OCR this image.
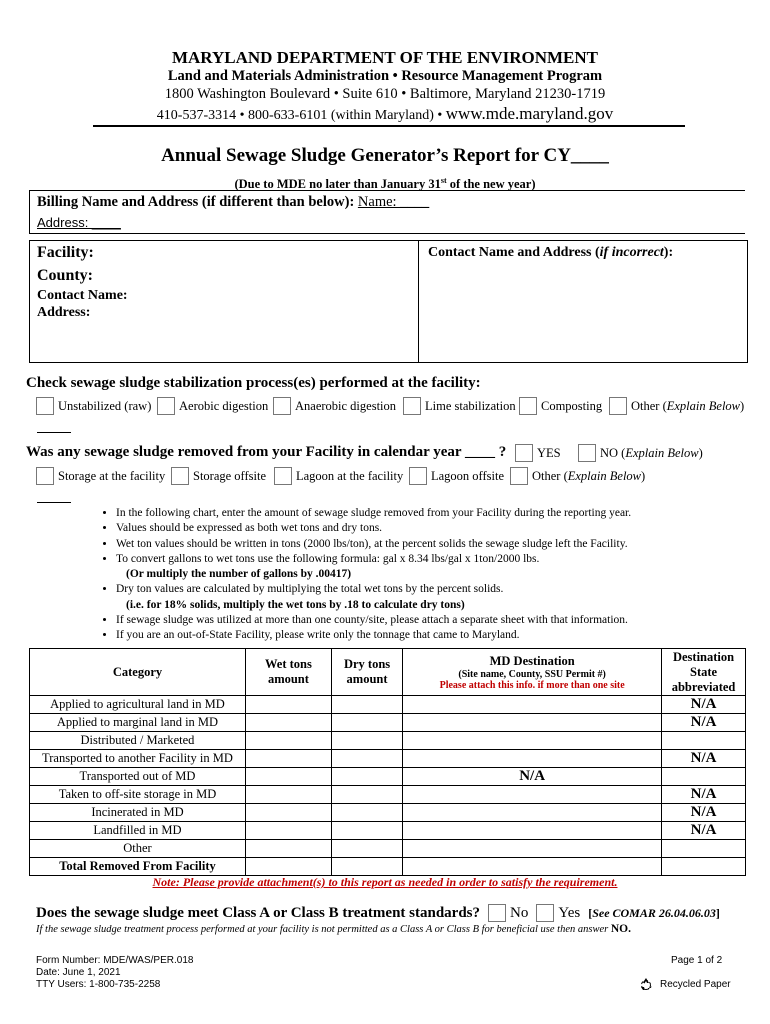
MARYLAND DEPARTMENT OF THE ENVIRONMENT
Land and Materials Administration • Resource Management Program
1800 Washington Boulevard • Suite 610 • Baltimore, Maryland 21230-1719
410-537-3314 • 800-633-6101 (within Maryland) • www.mde.maryland.gov
Annual Sewage Sludge Generator’s Report for CY____
(Due to MDE no later than January 31st of the new year)
Billing Name and Address (if different than below): Name: ____
Address: ____
Facility:
County:
Contact Name:
Address:
Contact Name and Address (if incorrect):
Check sewage sludge stabilization process(es) performed at the facility:
Unstabilized (raw) Aerobic digestion Anaerobic digestion Lime stabilization Composting Other ( Explain Below )
Was any sewage sludge removed from your Facility in calendar year ____ ? YES	NO ( Explain Below )
Storage at the facility Storage offsite Lagoon at the facility Lagoon offsite Other ( Explain Below )
• In the following chart, enter the amount of sewage sludge removed from your Facility during the reporting year.
• Values should be expressed as both wet tons and dry tons.
• Wet ton values should be written in tons (2000 lbs/ton), at the percent solids the sewage sludge left the Facility.
• To convert gallons to wet tons use the following formula: gal x 8.34 lbs/gal x 1ton/2000 lbs.
(Or multiply the number of gallons by .00417)
• Dry ton values are calculated by multiplying the total wet tons by the percent solids.
(i.e. for 18% solids, multiply the wet tons by .18 to calculate dry tons)
• If sewage sludge was utilized at more than one county/site, please attach a separate sheet with that information.
• If you are an out-of-State Facility, please write only the tonnage that came to Maryland.
Category	Wet tons amount	Dry tons amount	MD Destination
(Site name, County, SSU Permit #)
Please attach this info. if more than one site	Destination State abbreviated
Applied to agricultural land in MD				N/A
Applied to marginal land in MD				N/A
Distributed / Marketed				
Transported to another Facility in MD				N/A
Transported out of MD			N/A	
Taken to off-site storage in MD				N/A
Incinerated in MD				N/A
Landfilled in MD				N/A
Other				
Total Removed From Facility				
Note: Please provide attachment(s) to this report as needed in order to satisfy the requirement.
Does the sewage sludge meet Class A or Class B treatment standards? No Yes [See COMAR 26.04.06.03]
If the sewage sludge treatment process performed at your facility is not permitted as a Class A or Class B for beneficial use then answer NO.
Form Number: MDE/WAS/PER.018
Date: June 1, 2021
TTY Users: 1-800-735-2258
Page 1 of 2
Recycled Paper
